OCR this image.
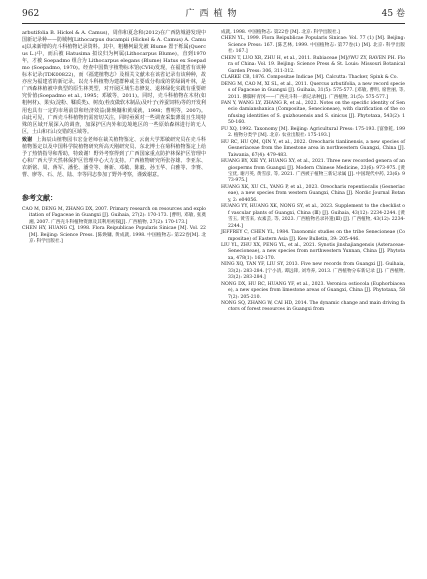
962	广西植物	45 卷

arbutifolia B. Hickel & A. Camus)，周伟和夏念和(2012)在广西防城港发现中国新记录种——防城柯[Lithocarpus ducampii (Hickel & A. Camus) A. Camus]以来新增的壳斗科植物记录资料。其中，粗穗柯最先被 Blume 置于栎属(Quercus L.)中，而后被 Hatusima 拟议归为柯属(Lithocarpus Blume)，直到1970年，才被 Soepadmo 组合为 Lithocarpus elegans (Blume) Hatus ex Soepadmo (Soepadmo, 1970)。经查中国数字植物标本馆(CVH)发现，在福建省有该种标本记录(TDK00822)，而《福建植物志》及相关文献未在该省记录有该种种，故亦应为福建省的新记录。以壳斗科植物为建群种或主要成分构成的常绿阔叶林，是广西森林植被中典型的原生林类型，对开展区域生态修复、退林绿化实践有重要研究价值(Soepadmo et al., 1995；邓敏等，2011)。同时，壳斗科植物在木材(如粗柯材)、果实(淀粉、鞣质类)、树皮(栓皮做软木制品)及叶子(养蚕饲料)等的开发利用也具有一定的市场前景和经济效益(陈焕镛和黄成就，1998；曹明等，2007)。由此可见，广西壳斗科植物仍需密切关注，同时亟须对一些调查采集薄弱且生境特殊的区域开展深入的调查，加深护区内外和边境地区的一些原始森林进行的无人区，土山和石山交错的区域等。

致谢 上海辰山植物园韦宏金老师在裁关植物鉴定、云南大学郑敏研究员在壳斗科植物鉴定以及中国科学院植物研究所高天刚研究员、东北博士在菊科植物鉴定上给予了热情指导和帮助，特致谢！野外考察得到了广西国家重点防护林保护区管理中心和广西大学天然林保护区管理中心大力支持。广西植物研究所张谷雄、李亚东、农新铭、周、蒋军、潘伦、潘莹等、蒋新、邓敏、陈毅、孙玉华、白雅等、李赛、曹、廖等、石、范、陆、李等同志参加了野外考察，谨致谢意。

参考文献：

CAO M, DENG M, ZHANG DX, 2007. Primary research on resources and exploitation of Fagaceae in Guangxi [J]. Guihaia, 27(2): 170-173. [曹明, 邓敏, 张奠湘, 2007. 广西壳斗科植物资源及其利用初探[J]. 广西植物, 27(2): 170-173.]

CHEN HY, HUANG CJ, 1998. Flora Reipublicae Popularis Sinicae [M]. Vol. 22 [M]. Beijing: Science Press. [陈焕镛, 黄成就, 1998. 中国植物志: 第22卷[M]. 北京: 科学出版社.]

成就, 1998. 中国植物志: 第22卷 [M]. 北京: 科学出版社.]

CHEN YL, 1999. Flora Reipublicae Popularis Sinicae: Vol. 77 (1) [M]. Beijing: Science Press: 167. [陈艺林, 1999. 中国植物志: 第77卷(1) [M]. 北京: 科学出版社: 167.]

CHEN T, LUO XR, ZHU H, et al., 2011. Rubiaceae [M]//WU ZY, RAVEN PH. Flora of China: Vol. 19. Beijing: Science Press & St. Louis: Missouri Botanical Garden Press: 306, 311-312.

CLARKE CB, 1876. Compositae Indicae [M]. Calcutta: Thacker, Spink & Co.

DENG M, CAO M, XI SL, et al., 2011. Quercus arbutifolia, a new record species of Fagaceae in Guangxi [J]. Guihaia, 31(5): 575-577. [邓敏, 曹明, 席世丽, 等, 2011. 佛脚杆青冈——广西壳斗科一新记录种[J]. 广西植物, 31(5): 575-577.]

FAN Y, WANG LY, ZHANG R, et al., 2022. Notes on the specific identity of Senecio damianshanica (Compositae, Senecioneae), with clarification of the confusing identities of S. guizhouensis and S. sinicus [J]. Phytotaxa, 543(2): 150-160.

FU XQ, 1992. Taxonomy [M]. Beijing: Agricultural Press: 175-193. [富象乾, 1992. 植物分类学 [M]. 北京: 农业出版社: 175-193.]

HU RC, HU QM, QIN Y, et al., 2022. Oreocharis tianlinensis, a new species of Gesneriaceae from the limestone area in northwestern Guangxi, China [J]. Taiwania, 67(4): 479-483.

HUANG BY, XIE YY, HUANG XY, et al., 2021. Three new recorded genera of angiosperms from Guangxi [J]. Modern Chinese Medicine, 23(6): 973-975. [黄宝优, 谢月英, 黄雪彦, 等, 2021. 广西被子植物三新记录属 [J]. 中国现代中药, 23(6): 973-975.]

HUANG XK, XU CL, YANG P, et al., 2023. Oreocharis repentiocalis (Gesneriaceae), a new species from western Guangxi, China [J]. Nordic Journal Botany, 2: e04056.

HUANG YY, HUANG XK, NONG SY, et al., 2023. Supplement to the checklist of vascular plants of Guangxi, China (Ⅲ) [J]. Guihaia, 43(12): 2234-2244. [黄雪玉, 黄雪来, 农素芸, 等, 2023. 广西植物名录补遗(Ⅲ) [J]. 广西植物, 43(12): 2234-2244.]

JEFFREY C, CHEN YL, 1984. Taxonomic studies on the tribe Senecioneae (Compositae) of Eastern Asia [J]. Kew Bulletin, 39: 205-446.

LIU YL, ZHU XX, PENG YL, et al., 2021. Synotis jinshajiangensis (Asteraceae-Senecioneae), a new species from northwestern Yunnan, China [J]. Phytotaxa, 478(1): 162-170.

NING XQ, TAN YF, LIU SY, 2013. Five new records from Guangxi [J]. Guihaia, 33(2): 283-284. [宁小清, 谭远锋, 刘寿养, 2013. 广西植物分布新记录 [J]. 广西植物, 33(2): 283-284.]

NONG DX, HU RC, HUANG YF, et al., 2023. Veronica ostiocola (Euphorbiaceae), a new species from limestone areas of Guangxi, China [J]. Phytotaxa, 587(2): 205-210.

NONG SQ, ZHANG W, CAI HD, 2014. The dynamic change and main driving factors of forest resources in Guangxi from
